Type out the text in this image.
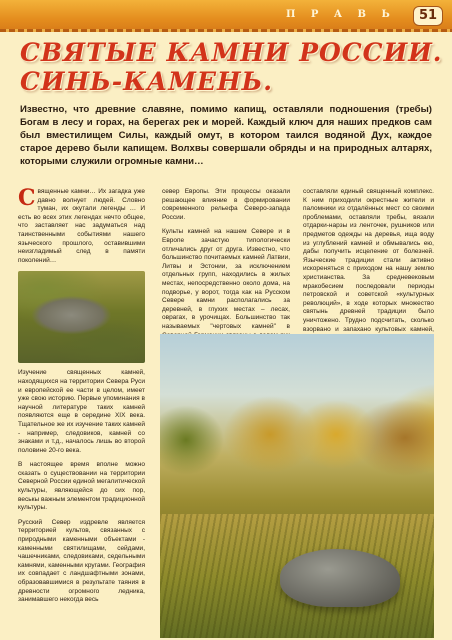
П Р А В Ь	51
СВЯТЫЕ КАМНИ РОССИИ.
СИНЬ-КАМЕНЬ.
Известно, что древние славяне, помимо капищ, оставляли подношения (требы) Богам в лесу и горах, на берегах рек и морей. Каждый ключ для наших предков сам был вместилищем Силы, каждый омут, в котором таился водяной Дух, каждое старое дерево были капищем. Волхвы совершали обряды и на природных алтарях, которыми служили огромные камни…

Священные камни… Их загадка уже давно волнует людей. Словно туман, их окутали легенды … И есть во всех этих легендах нечто общее, что заставляет нас задуматься над таинственными событиями нашего языческого прошлого, оставившими неизгладимый след в памяти поколений…

Изучение священных камней, находящихся на территории Севера Руси и европейской ее части в целом, имеет уже свою историю. Первые упоминания в научной литературе таких камней появляются еще в середине XIX века. Тщательное же их изучение таких камней - например, следовиков, камней со знаками и т.д., началось лишь во второй половине 20-го века.

В настоящее время вполне можно сказать о существовании на территории Северной России единой мегалитической культуры, являющейся до сих пор, веськы важным элементом традиционной культуры.

Русский Север издревле является территорией культов, связанных с природными каменными объектами - каменными святилищами, сейдами, чашечниками, следовиками, седельными камнями, каменными кругами. География их совпадает с ландшафтными зонами, образовавшимися в результате таяния в древности огромного ледника, занимавшего некогда весь

север Европы. Эти процессы оказали решающее влияние в формировании современного рельефа Северо-запада России.

Культы камней на нашем Севере и в Европе зачастую типологически отличались друг от друга. Известно, что большинство почитаемых камней Латвии, Литвы и Эстонии, за исключением отдельных групп, находились в жилых местах, непосредственно около дома, на подворье, у ворот, тогда как на Русском Севере камни располагались за деревней, в глухих местах – лесах, оврагах, в урочищах. Большинство так называемых "чертовых камней" в

составляли единый священный комплекс. К ним приходили окрестные жители и паломники из отдалённых мест со своими проблемами, оставляли требы, вязали отдарки-нарзы из ленточек, рушников или предметов одежды на деревья, ища воду из углублений камней и обмывались ею, дабы получить исцеление от болезней. Языческие традиции стали активно искореняться с приходом на нашу землю христианства. За средневековым мракобесием последовали периоды петровской и советской «культурных революций», в ходе которых множество святынь древней традиции было уничтожено. Трудно подсчитать, сколько взорвано и запахано культовых камней,
